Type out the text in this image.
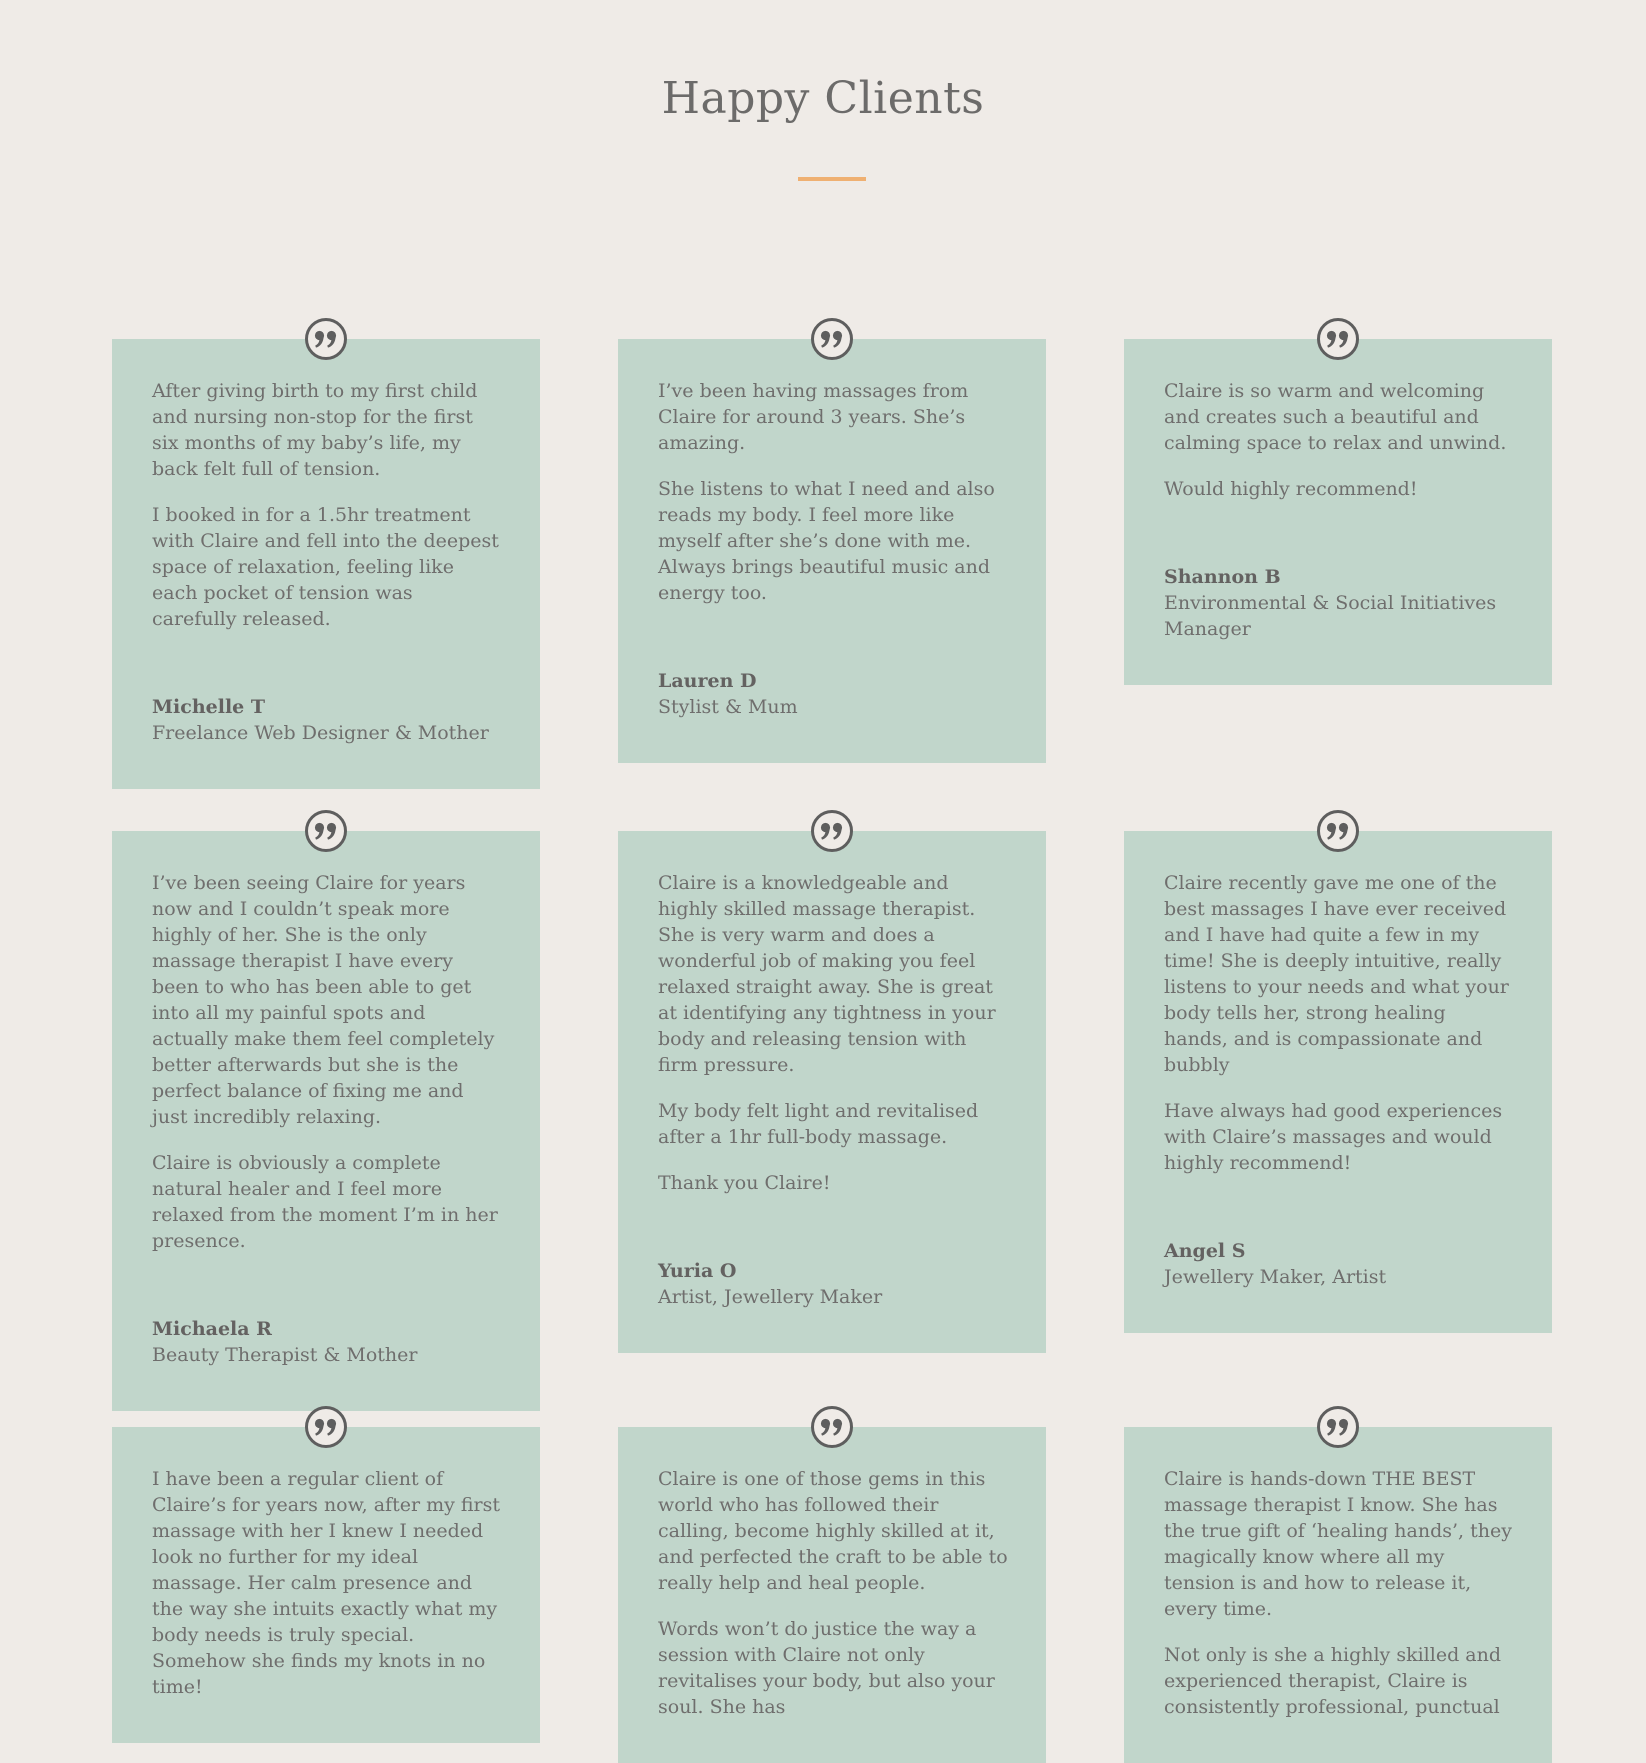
Happy Clients

After giving birth to my first child and nursing non-stop for the first six months of my baby’s life, my back felt full of tension.

I booked in for a 1.5hr treatment with Claire and fell into the deepest space of relaxation, feeling like each pocket of tension was carefully released.

Michelle T
Freelance Web Designer & Mother

I’ve been having massages from Claire for around 3 years. She’s amazing.

She listens to what I need and also reads my body. I feel more like myself after she’s done with me. Always brings beautiful music and energy too.

Lauren D
Stylist & Mum

Claire is so warm and welcoming and creates such a beautiful and calming space to relax and unwind.

Would highly recommend!

Shannon B
Environmental & Social Initiatives Manager

I’ve been seeing Claire for years now and I couldn’t speak more highly of her. She is the only massage therapist I have every been to who has been able to get into all my painful spots and actually make them feel completely better afterwards but she is the perfect balance of fixing me and just incredibly relaxing.

Claire is obviously a complete natural healer and I feel more relaxed from the moment I’m in her presence.

Michaela R
Beauty Therapist & Mother

Claire is a knowledgeable and highly skilled massage therapist. She is very warm and does a wonderful job of making you feel relaxed straight away. She is great at identifying any tightness in your body and releasing tension with firm pressure.

My body felt light and revitalised after a 1hr full-body massage.

Thank you Claire!

Yuria O
Artist, Jewellery Maker

Claire recently gave me one of the best massages I have ever received and I have had quite a few in my time! She is deeply intuitive, really listens to your needs and what your body tells her, strong healing hands, and is compassionate and bubbly

Have always had good experiences with Claire’s massages and would highly recommend!

Angel S
Jewellery Maker, Artist

I have been a regular client of Claire’s for years now, after my first massage with her I knew I needed look no further for my ideal massage. Her calm presence and the way she intuits exactly what my body needs is truly special. Somehow she finds my knots in no time!

Claire is one of those gems in this world who has followed their calling, become highly skilled at it, and perfected the craft to be able to really help and heal people.

Words won’t do justice the way a session with Claire not only revitalises your body, but also your soul. She has

Claire is hands-down THE BEST massage therapist I know. She has the true gift of ‘healing hands’, they magically know where all my tension is and how to release it, every time.

Not only is she a highly skilled and experienced therapist, Claire is consistently professional, punctual
